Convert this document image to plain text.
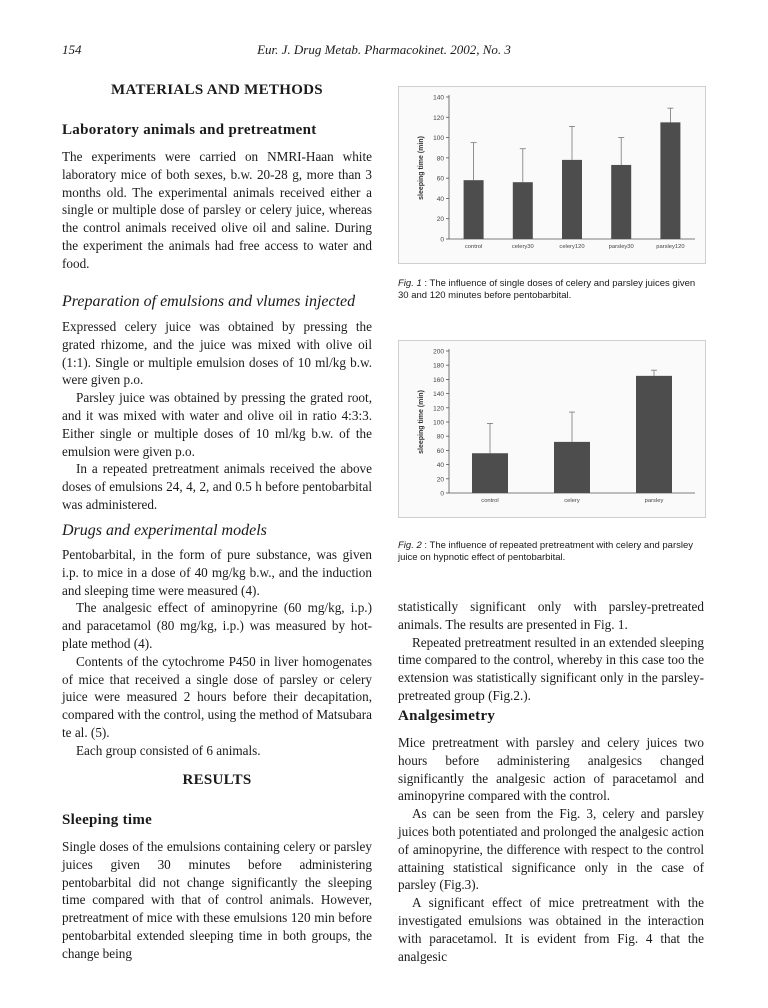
Eur. J. Drug Metab. Pharmacokinet. 2002, No. 3
154
MATERIALS AND METHODS
Laboratory animals and pretreatment

The experiments were carried on NMRI-Haan white laboratory mice of both sexes, b.w. 20-28 g, more than 3 months old. The experimental animals received either a single or multiple dose of parsley or celery juice, whereas the control animals received olive oil and saline. During the experiment the animals had free access to water and food.

Preparation of emulsions and vlumes injected

Expressed celery juice was obtained by pressing the grated rhizome, and the juice was mixed with olive oil (1:1). Single or multiple emulsion doses of 10 ml/kg b.w. were given p.o.

Parsley juice was obtained by pressing the grated root, and it was mixed with water and olive oil in ratio 4:3:3. Either single or multiple doses of 10 ml/kg b.w. of the emulsion were given p.o.

In a repeated pretreatment animals received the above doses of emulsions 24, 4, 2, and 0.5 h before pentobarbital was administered.

Drugs and experimental models

Pentobarbital, in the form of pure substance, was given i.p. to mice in a dose of 40 mg/kg b.w., and the induction and sleeping time were measured (4).

The analgesic effect of aminopyrine (60 mg/kg, i.p.) and paracetamol (80 mg/kg, i.p.) was measured by hot-plate method (4).

Contents of the cytochrome P450 in liver homogenates of mice that received a single dose of parsley or celery juice were measured 2 hours before their decapitation, compared with the control, using the method of Matsubara te al. (5).

Each group consisted of 6 animals.

RESULTS
Sleeping time

Single doses of the emulsions containing celery or parsley juices given 30 minutes before administering pentobarbital did not change significantly the sleeping time compared with that of control animals. However, pretreatment of mice with these emulsions 120 min before pentobarbital extended sleeping time in both groups, the change being

0
20
40
60
80
100
120
140
sleeping time (min)
control	celery30	celery120	parsley30	parsley120
Fig. 1 : The influence of single doses of celery and parsley juices given 30 and 120 minutes before pentobarbital.
0
20
40
60
80
100
120
140
160
180
200
sleeping time (min)
control	celery	parsley
Fig. 2 : The influence of repeated pretreatment with celery and parsley juice on hypnotic effect of pentobarbital.

statistically significant only with parsley-pretreated animals. The results are presented in Fig. 1.

Repeated pretreatment resulted in an extended sleeping time compared to the control, whereby in this case too the extension was statistically significant only in the parsley-pretreated group (Fig.2.).

Analgesimetry

Mice pretreatment with parsley and celery juices two hours before administering analgesics changed significantly the analgesic action of paracetamol and aminopyrine compared with the control.

As can be seen from the Fig. 3, celery and parsley juices both potentiated and prolonged the analgesic action of aminopyrine, the difference with respect to the control attaining statistical significance only in the case of parsley (Fig.3).

A significant effect of mice pretreatment with the investigated emulsions was obtained in the interaction with paracetamol. It is evident from Fig. 4 that the analgesic
